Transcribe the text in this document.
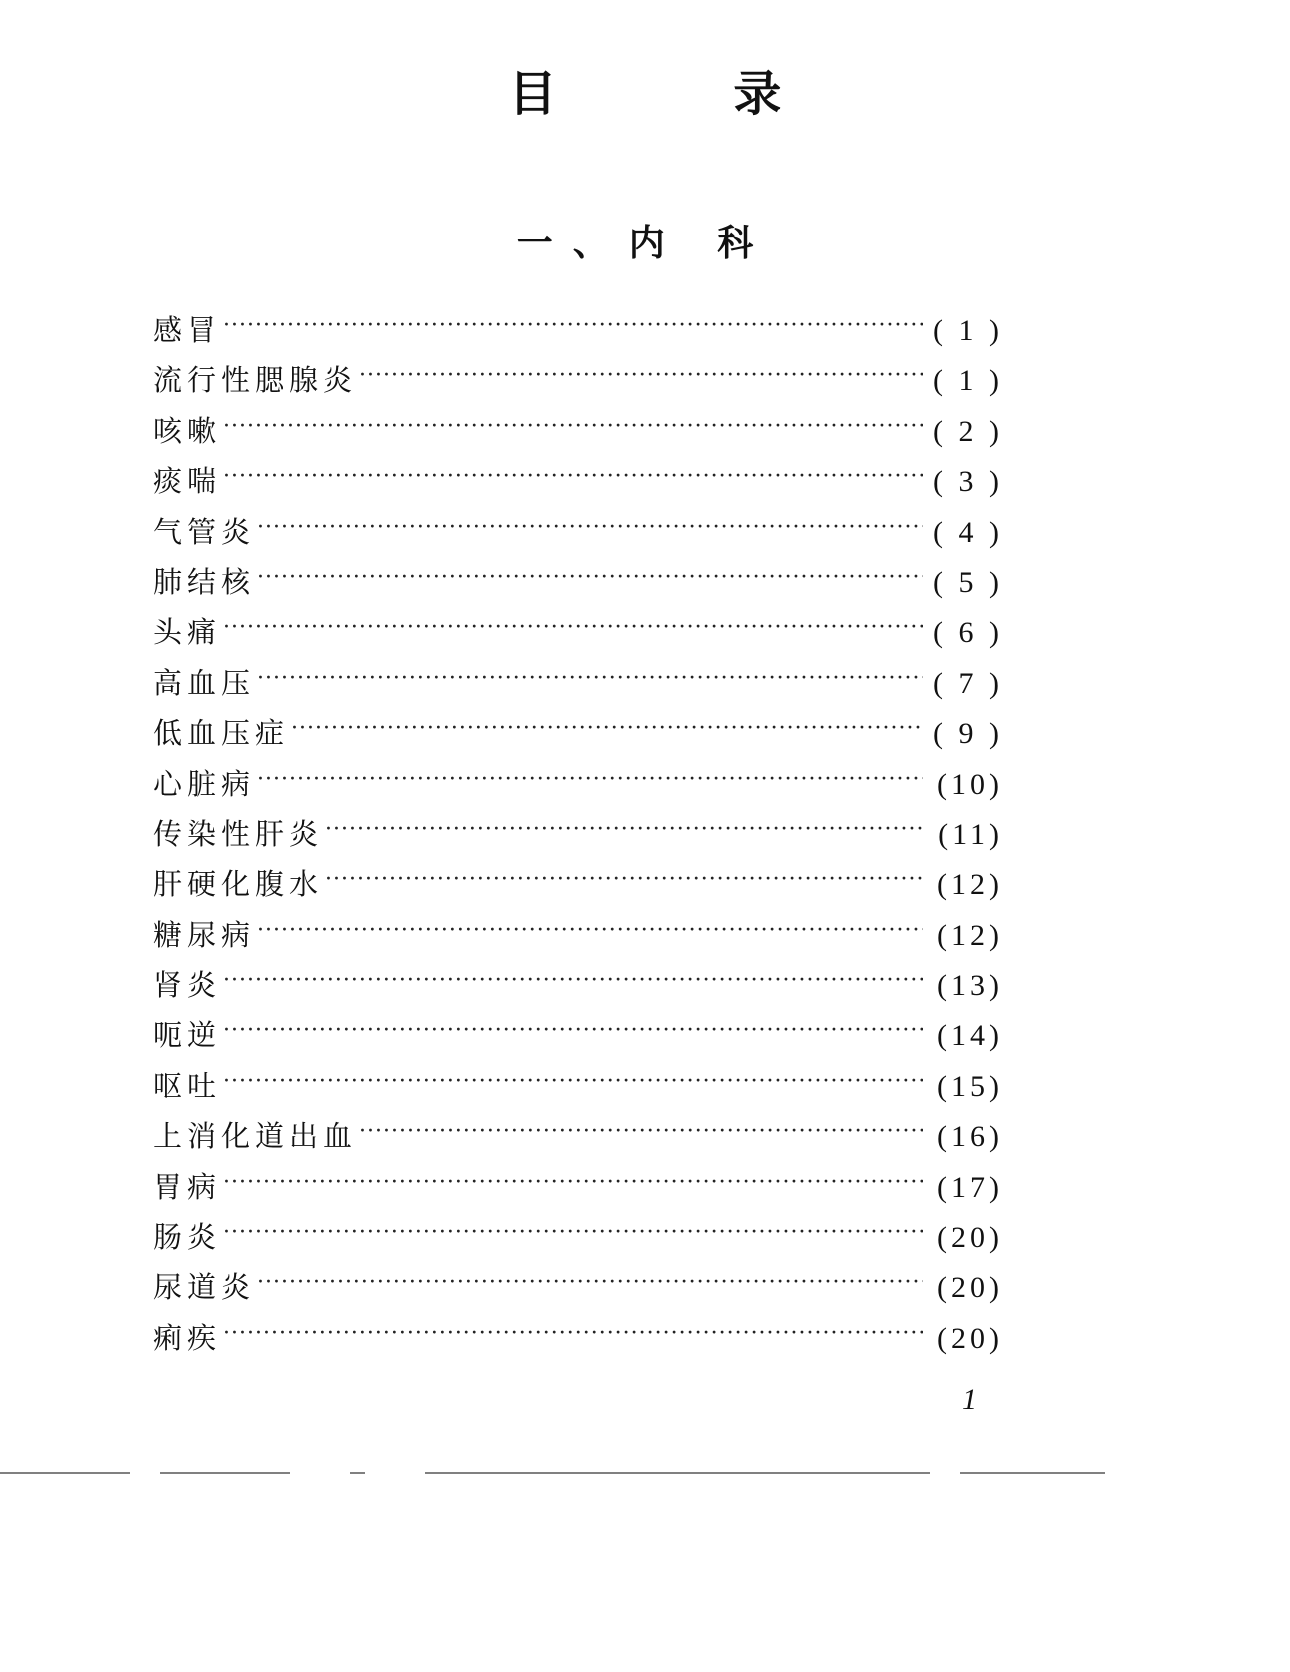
目 录
一、内 科
感冒 ·····	( 1 )
流行性腮腺炎 ·····	( 1 )
咳嗽 ·····	( 2 )
痰喘 ·····	( 3 )
气管炎 ·····	( 4 )
肺结核 ·····	( 5 )
头痛 ·····	( 6 )
高血压 ·····	( 7 )
低血压症 ·····	( 9 )
心脏病 ·····	(10)
传染性肝炎 ·····	(11)
肝硬化腹水 ·····	(12)
糖尿病 ·····	(12)
肾炎 ·····	(13)
呃逆 ·····	(14)
呕吐 ·····	(15)
上消化道出血 ·····	(16)
胃病 ·····	(17)
肠炎 ·····	(20)
尿道炎 ·····	(20)
痢疾 ·····	(20)
1
